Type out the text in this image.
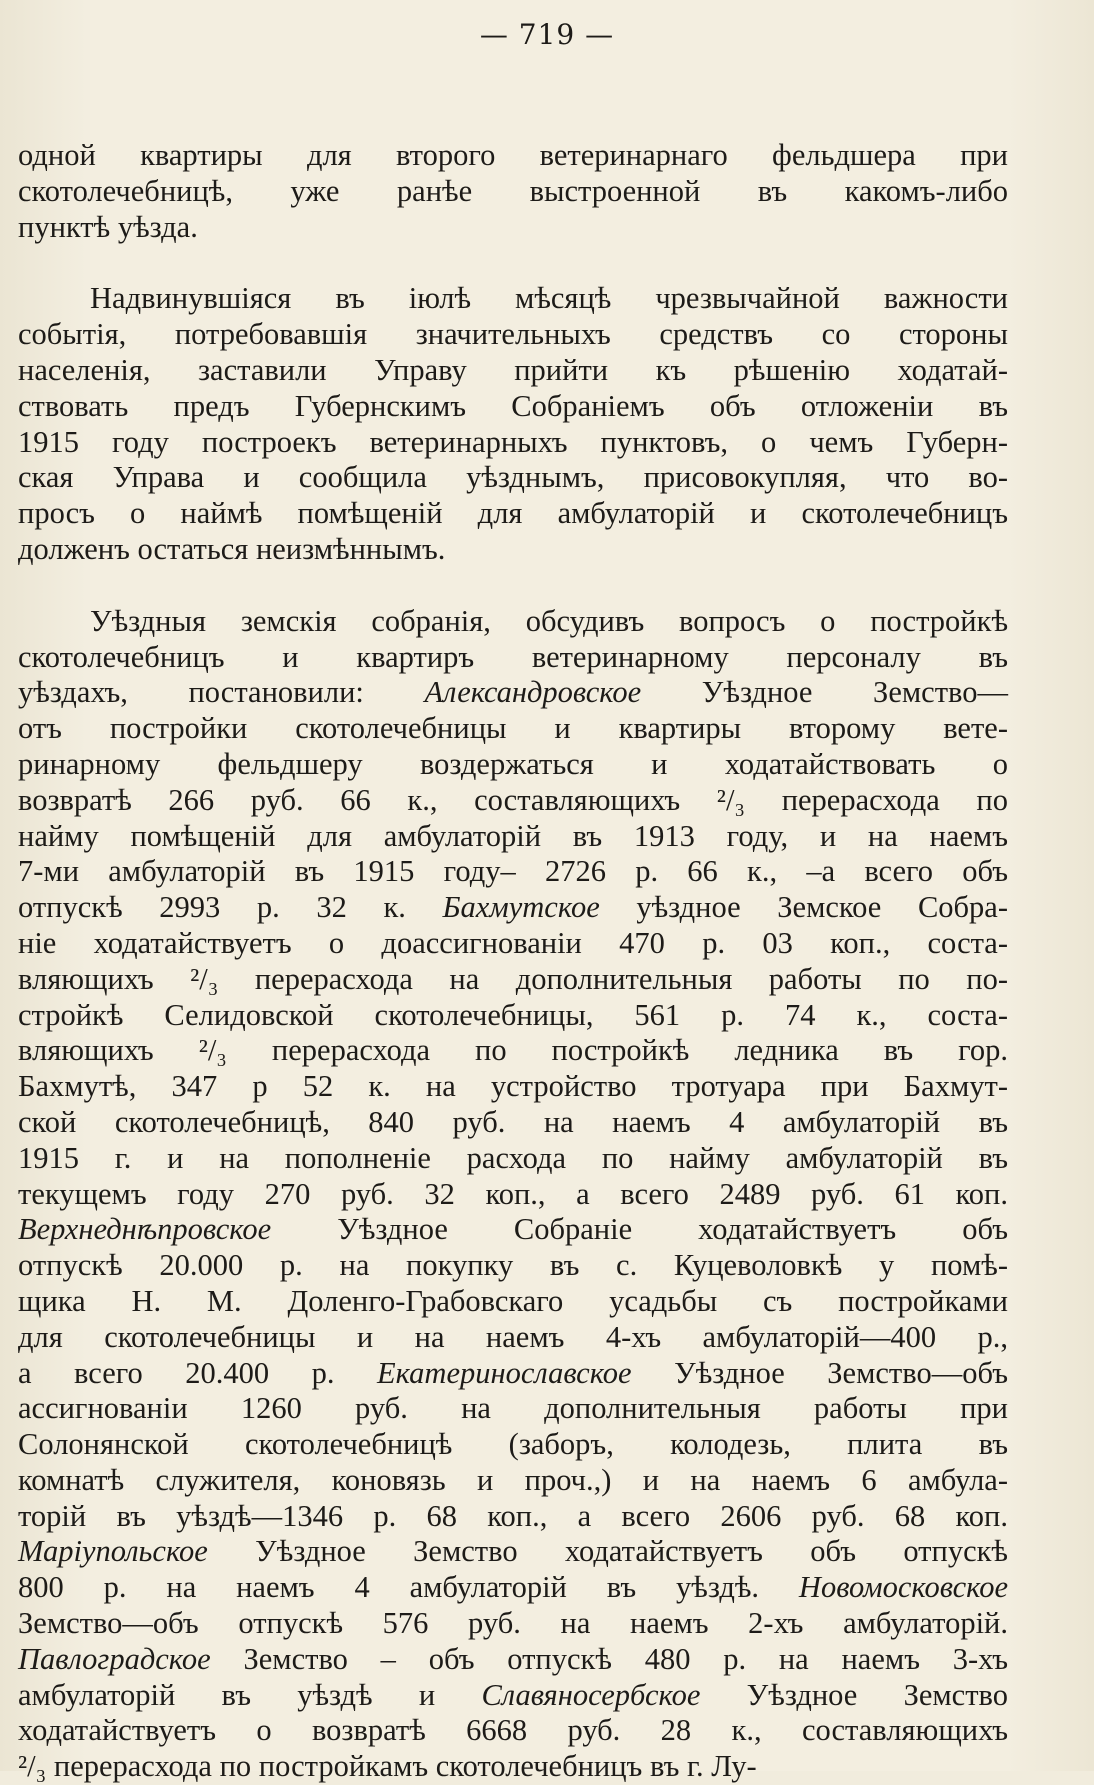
— 719 —
одной квартиры для второго ветеринарнаго фельдшера при
скотолечебницѣ, уже ранѣе выстроенной въ какомъ-либо
пунктѣ уѣзда.
Надвинувшiяся въ iюлѣ мѣсяцѣ чрезвычайной важности
событiя, потребовавшiя значительныхъ средствъ со стороны
населенiя, заставили Управу прийти къ рѣшенiю ходатай-
ствовать предъ Губернскимъ Собранiемъ объ отложенiи въ
1915 году построекъ ветеринарныхъ пунктовъ, о чемъ Губерн-
ская Управа и сообщила уѣзднымъ, присовокупляя, что во-
просъ о наймѣ помѣщенiй для амбулаторiй и скотолечебницъ
долженъ остаться неизмѣннымъ.
Уѣздныя земскiя собранiя, обсудивъ вопросъ о постройкѣ
скотолечебницъ и квартиръ ветеринарному персоналу въ
уѣздахъ, постановили: Александровское Уѣздное Земство—
отъ постройки скотолечебницы и квартиры второму вете-
ринарному фельдшеру воздержаться и ходатайствовать о
возвратѣ 266 руб. 66 к., составляющихъ ²/₃ перерасхода по
найму помѣщенiй для амбулаторiй въ 1913 году, и на наемъ
7-ми амбулаторiй въ 1915 году– 2726 р. 66 к., –а всего объ
отпускѣ 2993 р. 32 к. Бахмутское уѣздное Земское Собра-
нiе ходатайствуетъ о доассигнованiи 470 р. 03 коп., соста-
вляющихъ ²/₃ перерасхода на дополнительныя работы по по-
стройкѣ Селидовской скотолечебницы, 561 р. 74 к., соста-
вляющихъ ²/₃ перерасхода по постройкѣ ледника въ гор.
Бахмутѣ, 347 р 52 к. на устройство тротуара при Бахмут-
ской скотолечебницѣ, 840 руб. на наемъ 4 амбулаторiй въ
1915 г. и на пополненiе расхода по найму амбулаторiй въ
текущемъ году 270 руб. 32 коп., а всего 2489 руб. 61 коп.
Верхнеднѣпровское Уѣздное Собранiе ходатайствуетъ объ
отпускѣ 20.000 р. на покупку въ с. Куцеволовкѣ у помѣ-
щика Н. М. Доленго-Грабовскаго усадьбы съ постройками
для скотолечебницы и на наемъ 4-хъ амбулаторiй—400 р.,
а всего 20.400 р. Екатеринославское Уѣздное Земство—объ
ассигнованiи 1260 руб. на дополнительныя работы при
Солонянской скотолечебницѣ (заборъ, колодезь, плита въ
комнатѣ служителя, коновязь и проч.,) и на наемъ 6 амбула-
торiй въ уѣздѣ—1346 р. 68 коп., а всего 2606 руб. 68 коп.
Марiупольское Уѣздное Земство ходатайствуетъ объ отпускѣ
800 р. на наемъ 4 амбулаторiй въ уѣздѣ. Новомосковское
Земство—объ отпускѣ 576 руб. на наемъ 2-хъ амбулаторiй.
Павлоградское Земство – объ отпускѣ 480 р. на наемъ 3-хъ
амбулаторiй въ уѣздѣ и Славяносербское Уѣздное Земство
ходатайствуетъ о возвратѣ 6668 руб. 28 к., составляющихъ
²/₃ перерасхода по постройкамъ скотолечебницъ въ г. Лу-
